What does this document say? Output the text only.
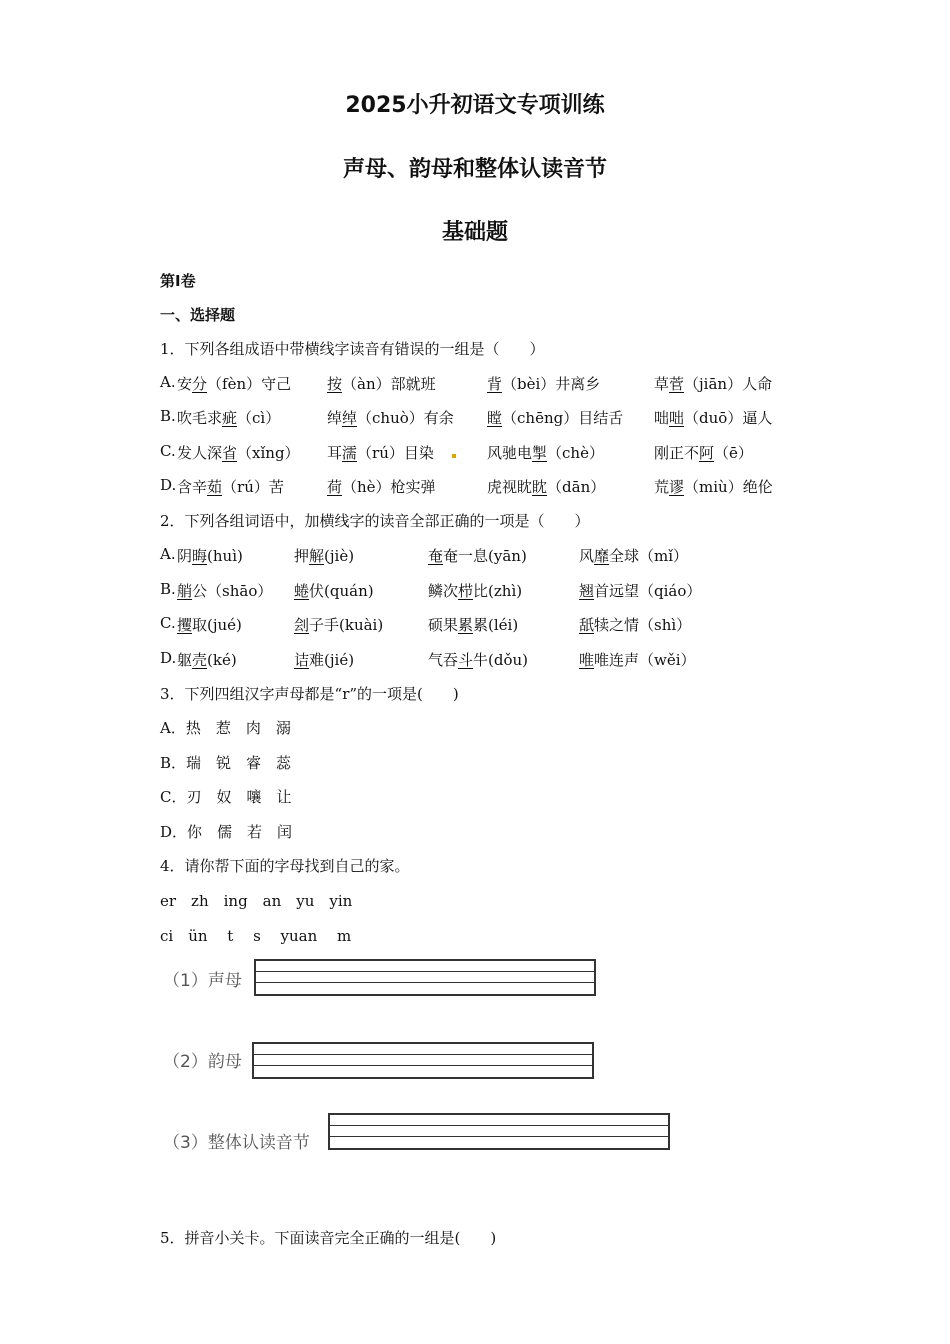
2025小升初语文专项训练
声母、韵母和整体认读音节
基础题
第I卷
一、选择题
1．下列各组成语中带横线字读音有错误的一组是（　　）
A. 安分（fèn）守己 按（àn）部就班	背（bèi）井离乡	草菅（jiān）人命
B. 吹毛求疵（cì）	绰绰（chuò）有余 瞠（chēng）目结舌 咄咄（duō）逼人
C. 发人深省（xǐng） 耳濡（rú）目染	风驰电掣（chè）	刚正不阿（ē）
D. 含辛茹（rú）苦	荷（hè）枪实弹	虎视眈眈（dān）	荒谬（miù）绝伦
2．下列各组词语中，加横线字的读音全部正确的一项是（　　）
A. 阴晦(huì)	押解(jiè)	奄奄一息(yān)	风靡全球（mǐ）
B. 艄公（shāo） 蜷伏(quán)	鳞次栉比(zhì)	翘首远望（qiáo）
C. 攫取(jué)	刽子手(kuài)	硕果累累(léi)	舐犊之情（shì）
D. 躯壳(ké)	诘难(jié)	气吞斗牛(dǒu)	唯唯连声（wěi）
3．下列四组汉字声母都是“r”的一项是(　　)
A．热　惹　肉　溺
B．瑞　锐　睿　蕊
C．刃　奴　嚷　让
D．你　儒　若　闰
4．请你帮下面的字母找到自己的家。
er　zh　ing　an　yu　yin
ci　ün　 t　 s　 yuan　 m
（1）声母
（2）韵母
（3）整体认读音节
5．拼音小关卡。下面读音完全正确的一组是(　　)
